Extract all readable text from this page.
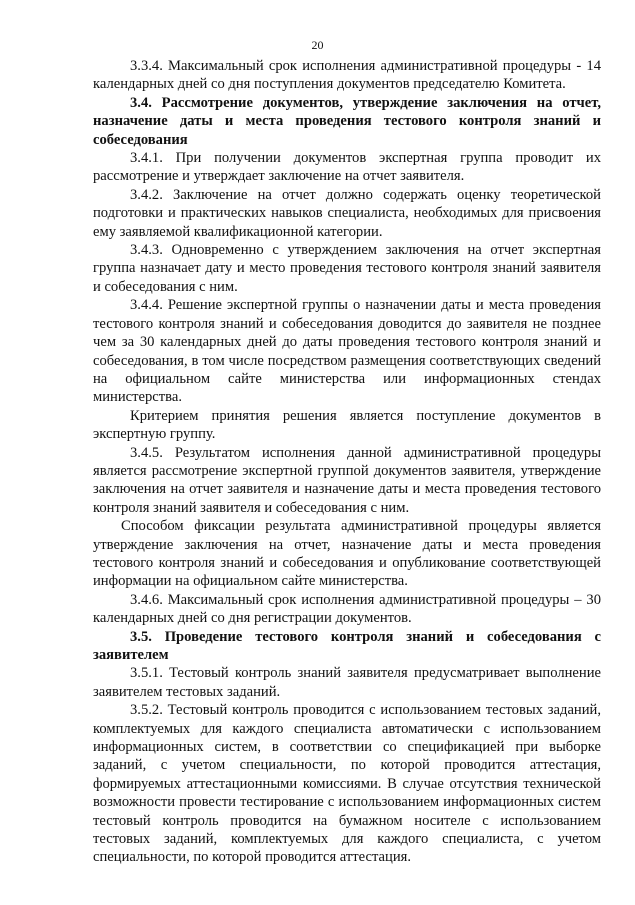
20

3.3.4. Максимальный срок исполнения административной процедуры - 14 календарных дней со дня поступления документов председателю Комитета.

3.4. Рассмотрение документов, утверждение заключения на отчет, назначение даты и места проведения тестового контроля знаний и собеседования

3.4.1. При получении документов экспертная группа проводит их рассмотрение и утверждает заключение на отчет заявителя.

3.4.2. Заключение на отчет должно содержать оценку теоретической подготовки и практических навыков специалиста, необходимых для присвоения ему заявляемой квалификационной категории.

3.4.3. Одновременно с утверждением заключения на отчет экспертная группа назначает дату и место проведения тестового контроля знаний заявителя и собеседования с ним.

3.4.4. Решение экспертной группы о назначении даты и места проведения тестового контроля знаний и собеседования доводится до заявителя не позднее чем за 30 календарных дней до даты проведения тестового контроля знаний и собеседования, в том числе посредством размещения соответствующих сведений на официальном сайте министерства или информационных стендах министерства.

Критерием принятия решения является поступление документов в экспертную группу.

3.4.5. Результатом исполнения данной административной процедуры является рассмотрение экспертной группой документов заявителя, утверждение заключения на отчет заявителя и назначение даты и места проведения тестового контроля знаний заявителя и собеседования с ним.

Способом фиксации результата административной процедуры является утверждение заключения на отчет, назначение даты и места проведения тестового контроля знаний и собеседования и опубликование соответствующей информации на официальном сайте министерства.

3.4.6. Максимальный срок исполнения административной процедуры – 30 календарных дней со дня регистрации документов.

3.5. Проведение тестового контроля знаний и собеседования с заявителем

3.5.1. Тестовый контроль знаний заявителя предусматривает выполнение заявителем тестовых заданий.

3.5.2. Тестовый контроль проводится с использованием тестовых заданий, комплектуемых для каждого специалиста автоматически с использованием информационных систем, в соответствии со спецификацией при выборке заданий, с учетом специальности, по которой проводится аттестация, формируемых аттестационными комиссиями. В случае отсутствия технической возможности провести тестирование с использованием информационных систем тестовый контроль проводится на бумажном носителе с использованием тестовых заданий, комплектуемых для каждого специалиста, с учетом специальности, по которой проводится аттестация.
